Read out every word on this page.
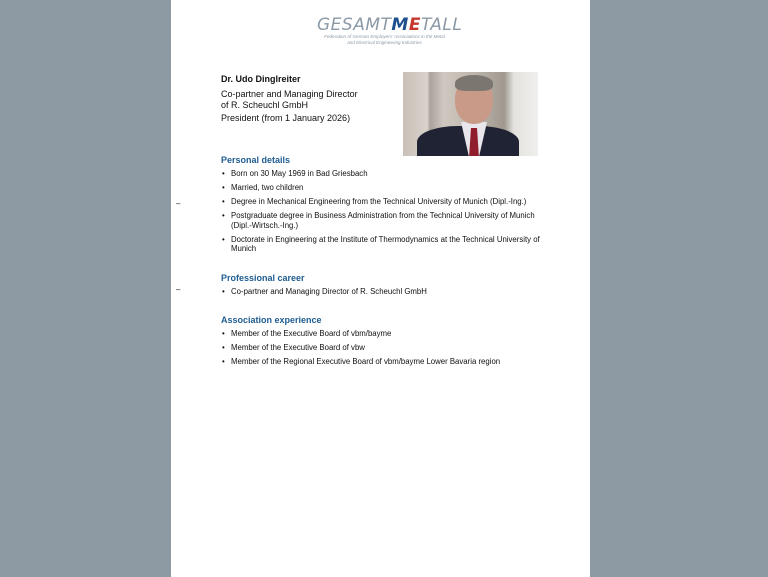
GESAMTMETALL
Federation of German Employers' Associations in the Metal
and Electrical Engineering Industries
Dr. Udo Dinglreiter
Co-partner and Managing Director
of R. Scheuchl GmbH
President (from 1 January 2026)
Personal details
• Born on 30 May 1969 in Bad Griesbach
• Married, two children
• Degree in Mechanical Engineering from the Technical University of Munich (Dipl.-Ing.)
• Postgraduate degree in Business Administration from the Technical University of Munich (Dipl.-Wirtsch.-Ing.)
• Doctorate in Engineering at the Institute of Thermodynamics at the Technical University of Munich
–
Professional career
• Co-partner and Managing Director of R. Scheuchl GmbH
–
Association experience
• Member of the Executive Board of vbm/bayme
• Member of the Executive Board of vbw
• Member of the Regional Executive Board of vbm/bayme Lower Bavaria region
